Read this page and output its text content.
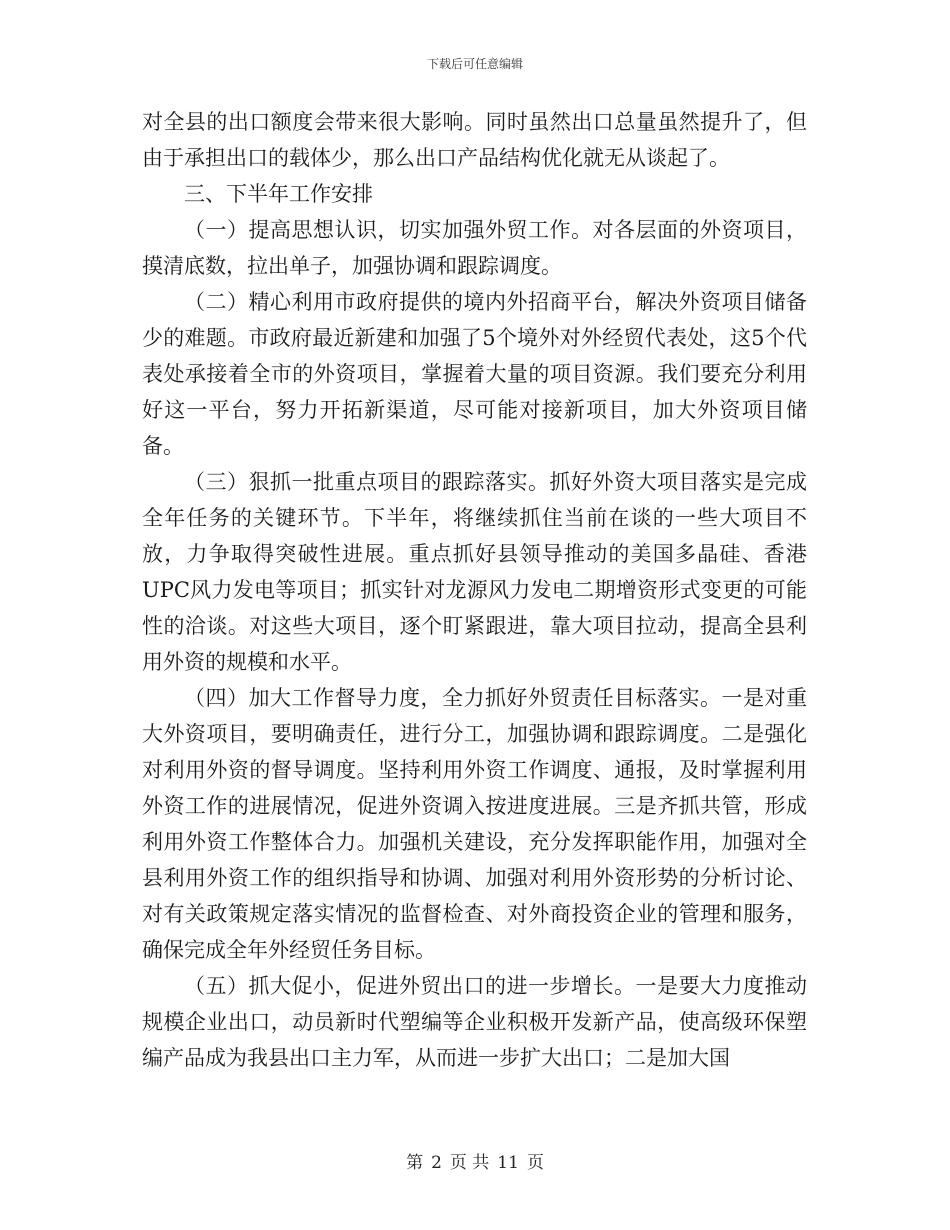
下载后可任意编辑

对全县的出口额度会带来很大影响。同时虽然出口总量虽然提升了，但由于承担出口的载体少，那么出口产品结构优化就无从谈起了。

三、下半年工作安排

（一）提高思想认识，切实加强外贸工作。对各层面的外资项目，摸清底数，拉出单子，加强协调和跟踪调度。

（二）精心利用市政府提供的境内外招商平台，解决外资项目储备少的难题。市政府最近新建和加强了5个境外对外经贸代表处，这5个代表处承接着全市的外资项目，掌握着大量的项目资源。我们要充分利用好这一平台，努力开拓新渠道，尽可能对接新项目，加大外资项目储备。

（三）狠抓一批重点项目的跟踪落实。抓好外资大项目落实是完成全年任务的关键环节。下半年，将继续抓住当前在谈的一些大项目不放，力争取得突破性进展。重点抓好县领导推动的美国多晶硅、香港UPC风力发电等项目；抓实针对龙源风力发电二期增资形式变更的可能性的洽谈。对这些大项目，逐个盯紧跟进，靠大项目拉动，提高全县利用外资的规模和水平。

（四）加大工作督导力度，全力抓好外贸责任目标落实。一是对重大外资项目，要明确责任，进行分工，加强协调和跟踪调度。二是强化对利用外资的督导调度。坚持利用外资工作调度、通报，及时掌握利用外资工作的进展情况，促进外资调入按进度进展。三是齐抓共管，形成利用外资工作整体合力。加强机关建设，充分发挥职能作用，加强对全县利用外资工作的组织指导和协调、加强对利用外资形势的分析讨论、对有关政策规定落实情况的监督检查、对外商投资企业的管理和服务，确保完成全年外经贸任务目标。

（五）抓大促小，促进外贸出口的进一步增长。一是要大力度推动规模企业出口，动员新时代塑编等企业积极开发新产品，使高级环保塑编产品成为我县出口主力军，从而进一步扩大出口；二是加大国

第 2 页 共 11 页
